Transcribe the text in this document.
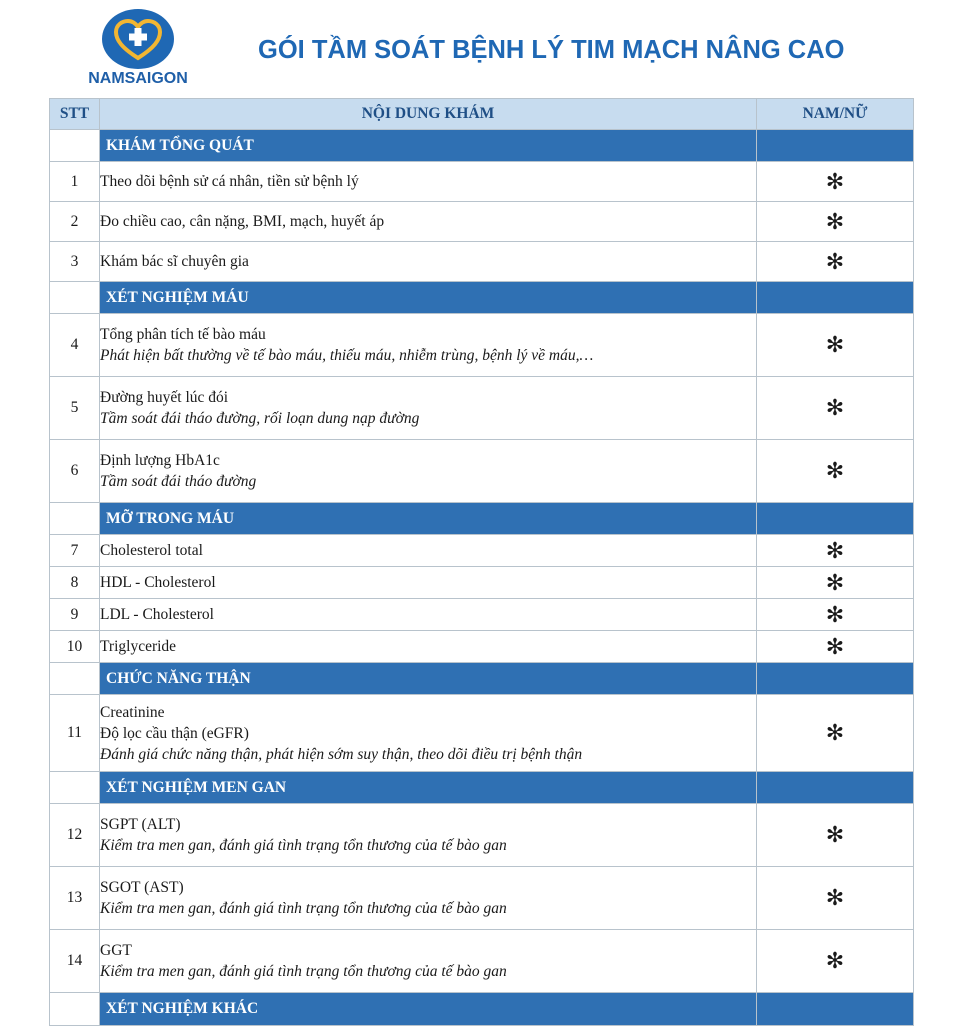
NAMSAIGON
GÓI TẦM SOÁT BỆNH LÝ TIM MẠCH NÂNG CAO
STT	NỘI DUNG KHÁM	NAM/NỮ
	KHÁM TỔNG QUÁT	
1	Theo dõi bệnh sử cá nhân, tiền sử bệnh lý	✻
2	Đo chiều cao, cân nặng, BMI, mạch, huyết áp	✻
3	Khám bác sĩ chuyên gia	✻
	XÉT NGHIỆM MÁU	
4	Tổng phân tích tế bào máu
Phát hiện bất thường về tế bào máu, thiếu máu, nhiễm trùng, bệnh lý về máu,…	✻
5	Đường huyết lúc đói
Tầm soát đái tháo đường, rối loạn dung nạp đường	✻
6	Định lượng HbA1c
Tầm soát đái tháo đường	✻
	MỠ TRONG MÁU	
7	Cholesterol total	✻
8	HDL - Cholesterol	✻
9	LDL - Cholesterol	✻
10	Triglyceride	✻
	CHỨC NĂNG THẬN	
11	Creatinine
Độ lọc cầu thận (eGFR)
Đánh giá chức năng thận, phát hiện sớm suy thận, theo dõi điều trị bệnh thận	✻
	XÉT NGHIỆM MEN GAN	
12	SGPT (ALT)
Kiểm tra men gan, đánh giá tình trạng tổn thương của tế bào gan	✻
13	SGOT (AST)
Kiểm tra men gan, đánh giá tình trạng tổn thương của tế bào gan	✻
14	GGT
Kiểm tra men gan, đánh giá tình trạng tổn thương của tế bào gan	✻
	XÉT NGHIỆM KHÁC	
